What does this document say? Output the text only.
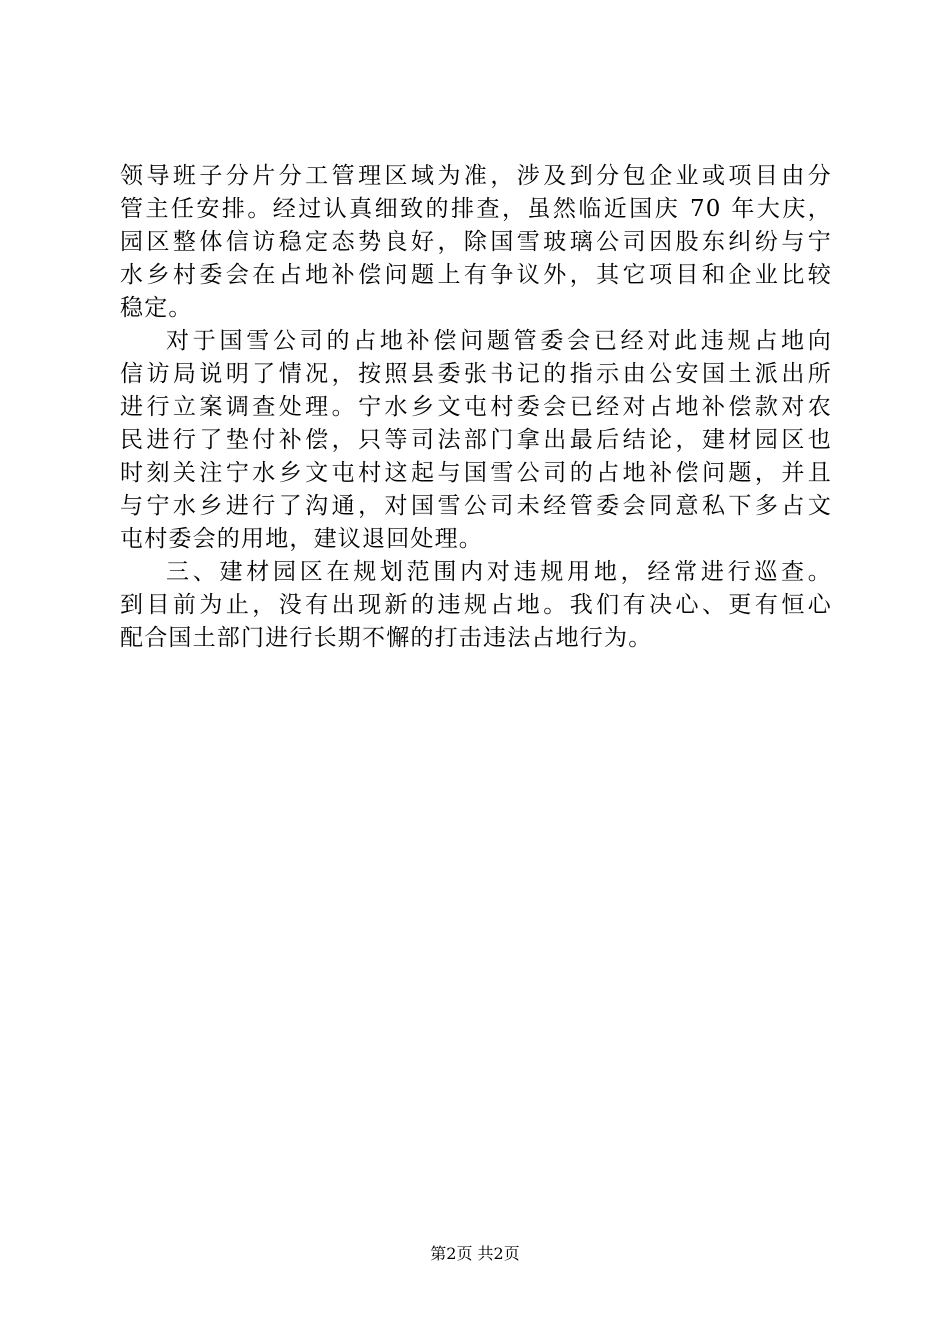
领导班子分片分工管理区域为准，涉及到分包企业或项目由分
管主任安排。经过认真细致的排查，虽然临近国庆 70 年大庆，
园区整体信访稳定态势良好，除国雪玻璃公司因股东纠纷与宁
水乡村委会在占地补偿问题上有争议外，其它项目和企业比较
稳定。
对于国雪公司的占地补偿问题管委会已经对此违规占地向
信访局说明了情况，按照县委张书记的指示由公安国土派出所
进行立案调查处理。宁水乡文屯村委会已经对占地补偿款对农
民进行了垫付补偿，只等司法部门拿出最后结论，建材园区也
时刻关注宁水乡文屯村这起与国雪公司的占地补偿问题，并且
与宁水乡进行了沟通，对国雪公司未经管委会同意私下多占文
屯村委会的用地，建议退回处理。
三、建材园区在规划范围内对违规用地，经常进行巡查。
到目前为止，没有出现新的违规占地。我们有决心、更有恒心
配合国土部门进行长期不懈的打击违法占地行为。
第2页 共2页
